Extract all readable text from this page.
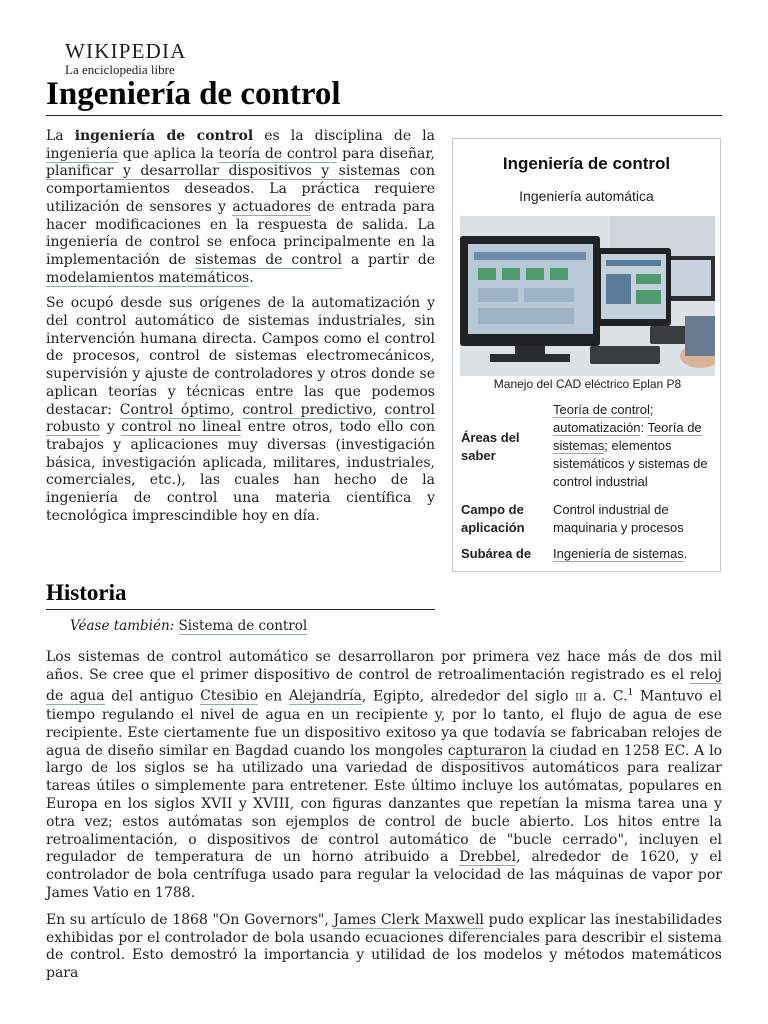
WIKIPEDIA
La enciclopedia libre
Ingeniería de control

La ingeniería de control es la disciplina de la ingeniería que aplica la teoría de control para diseñar, planificar y desarrollar dispositivos y sistemas con comportamientos deseados. La práctica requiere utilización de sensores y actuadores de entrada para hacer modificaciones en la respuesta de salida. La ingeniería de control se enfoca principalmente en la implementación de sistemas de control a partir de modelamientos matemáticos.

Se ocupó desde sus orígenes de la automatización y del control automático de sistemas industriales, sin intervención humana directa. Campos como el control de procesos, control de sistemas electromecánicos, supervisión y ajuste de controladores y otros donde se aplican teorías y técnicas entre las que podemos destacar: Control óptimo, control predictivo, control robusto y control no lineal entre otros, todo ello con trabajos y aplicaciones muy diversas (investigación básica, investigación aplicada, militares, industriales, comerciales, etc.), las cuales han hecho de la ingeniería de control una materia científica y tecnológica imprescindible hoy en día.

Ingeniería de control
Ingeniería automática
Manejo del CAD eléctrico Eplan P8
Áreas del saber
Teoría de control; automatización: Teoría de sistemas; elementos sistemáticos y sistemas de control industrial
Campo de aplicación
Control industrial de maquinaria y procesos
Subárea de	Ingeniería de sistemas.
Historia
Véase también: Sistema de control

Los sistemas de control automático se desarrollaron por primera vez hace más de dos mil años. Se cree que el primer dispositivo de control de retroalimentación registrado es el reloj de agua del antiguo Ctesibio en Alejandría, Egipto, alrededor del siglo III a. C.$^1$ Mantuvo el tiempo regulando el nivel de agua en un recipiente y, por lo tanto, el flujo de agua de ese recipiente. Este ciertamente fue un dispositivo exitoso ya que todavía se fabricaban relojes de agua de diseño similar en Bagdad cuando los mongoles capturaron la ciudad en 1258 EC. A lo largo de los siglos se ha utilizado una variedad de dispositivos automáticos para realizar tareas útiles o simplemente para entretener. Este último incluye los autómatas, populares en Europa en los siglos XVII y XVIII, con figuras danzantes que repetían la misma tarea una y otra vez; estos autómatas son ejemplos de control de bucle abierto. Los hitos entre la retroalimentación, o dispositivos de control automático de "bucle cerrado", incluyen el regulador de temperatura de un horno atribuido a Drebbel, alrededor de 1620, y el controlador de bola centrífuga usado para regular la velocidad de las máquinas de vapor por James Vatio en 1788.

En su artículo de 1868 "On Governors", James Clerk Maxwell pudo explicar las inestabilidades exhibidas por el controlador de bola usando ecuaciones diferenciales para describir el sistema de control. Esto demostró la importancia y utilidad de los modelos y métodos matemáticos para
